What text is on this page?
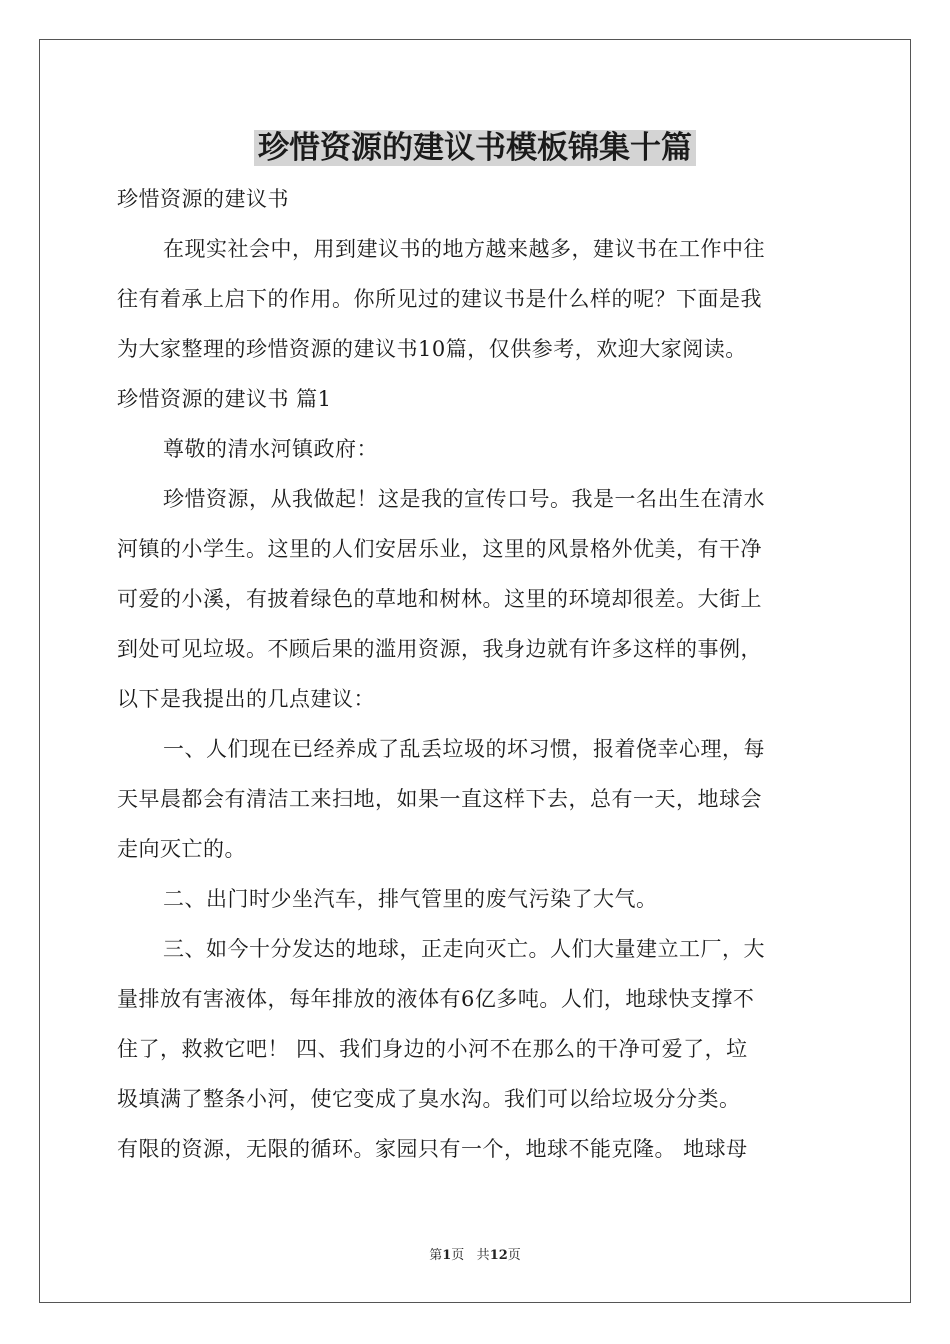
珍惜资源的建议书模板锦集十篇
珍惜资源的建议书
在现实社会中，用到建议书的地方越来越多，建议书在工作中往
往有着承上启下的作用。你所见过的建议书是什么样的呢？下面是我
为大家整理的珍惜资源的建议书10篇，仅供参考，欢迎大家阅读。
珍惜资源的建议书 篇1
尊敬的清水河镇政府：
珍惜资源，从我做起！这是我的宣传口号。我是一名出生在清水
河镇的小学生。这里的人们安居乐业，这里的风景格外优美，有干净
可爱的小溪，有披着绿色的草地和树林。这里的环境却很差。大街上
到处可见垃圾。不顾后果的滥用资源，我身边就有许多这样的事例，
以下是我提出的几点建议：
一、人们现在已经养成了乱丢垃圾的坏习惯，报着侥幸心理，每
天早晨都会有清洁工来扫地，如果一直这样下去，总有一天，地球会
走向灭亡的。
二、出门时少坐汽车，排气管里的废气污染了大气。
三、如今十分发达的地球，正走向灭亡。人们大量建立工厂，大
量排放有害液体，每年排放的液体有6亿多吨。人们，地球快支撑不
住了，救救它吧！ 四、我们身边的小河不在那么的干净可爱了，垃
圾填满了整条小河，使它变成了臭水沟。我们可以给垃圾分分类。
有限的资源，无限的循环。家园只有一个，地球不能克隆。 地球母
第1页 共12页
